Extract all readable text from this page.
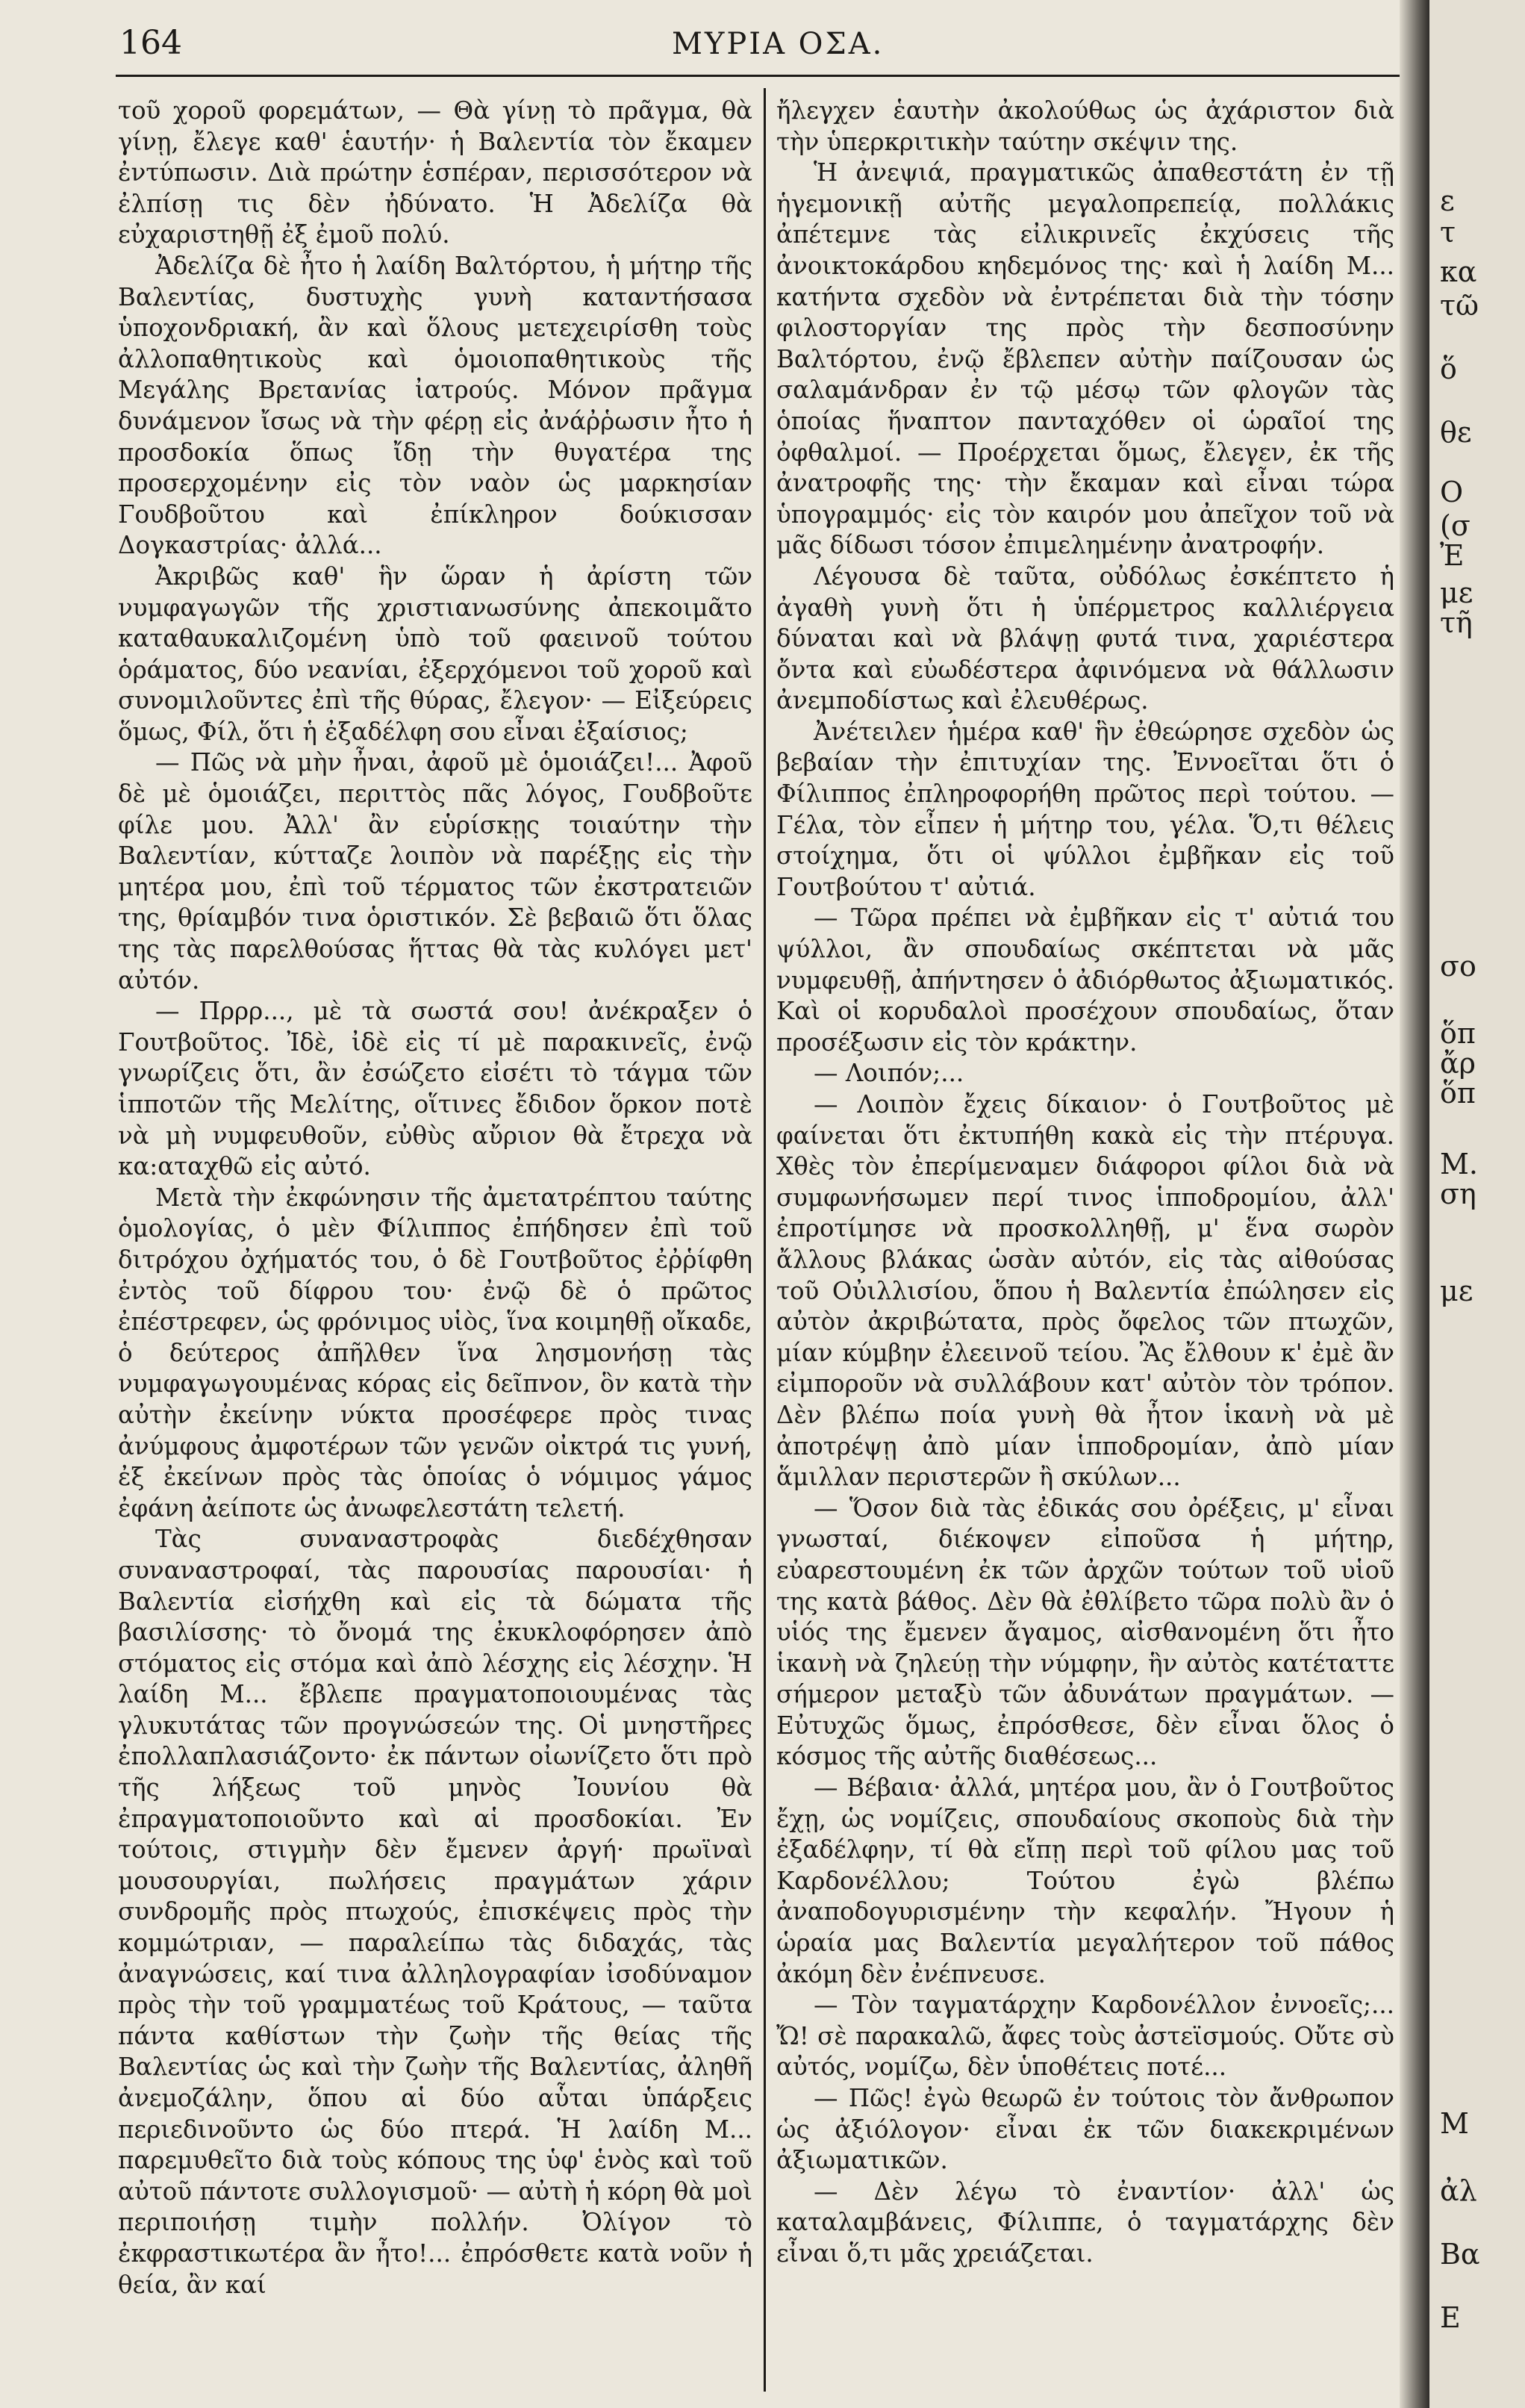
164	ΜΥΡΙΑ ΟΣΑ.

τοῦ χοροῦ φορεμάτων, — Θὰ γίνῃ τὸ πρᾶγμα, θὰ γίνῃ, ἔλεγε καθ' ἑαυτήν· ἡ Βαλεντία τὸν ἔκαμεν ἐντύπωσιν. Διὰ πρώτην ἑσπέραν, περισσότερον νὰ ἐλπίσῃ τις δὲν ἠδύνατο. Ἡ Ἀδελίζα θὰ εὐχαριστηθῇ ἐξ ἐμοῦ πολύ.

Ἀδελίζα δὲ ἦτο ἡ λαίδη Βαλτόρτου, ἡ μήτηρ τῆς Βαλεντίας, δυστυχὴς γυνὴ καταντήσασα ὑποχονδριακή, ἂν καὶ ὅλους μετεχειρίσθη τοὺς ἀλλοπαθητικοὺς καὶ ὁμοιοπαθητικοὺς τῆς Μεγάλης Βρετανίας ἰατρούς. Μόνον πρᾶγμα δυνάμενον ἴσως νὰ τὴν φέρῃ εἰς ἀνάῤῥωσιν ἦτο ἡ προσδοκία ὅπως ἴδῃ τὴν θυγατέρα της προσερχομένην εἰς τὸν ναὸν ὡς μαρκησίαν Γουδβοῦτου καὶ ἐπίκληρον δούκισσαν Δογκαστρίας· ἀλλά...

Ἀκριβῶς καθ' ἣν ὥραν ἡ ἀρίστη τῶν νυμφαγωγῶν τῆς χριστιανωσύνης ἀπεκοιμᾶτο καταθαυκαλιζομένη ὑπὸ τοῦ φαεινοῦ τούτου ὁράματος, δύο νεανίαι, ἐξερχόμενοι τοῦ χοροῦ καὶ συνομιλοῦντες ἐπὶ τῆς θύρας, ἔλεγον· — Εἰξεύρεις ὅμως, Φίλ, ὅτι ἡ ἐξαδέλφη σου εἶναι ἐξαίσιος;

— Πῶς νὰ μὴν ἦναι, ἀφοῦ μὲ ὁμοιάζει!... Ἀφοῦ δὲ μὲ ὁμοιάζει, περιττὸς πᾶς λόγος, Γουδβοῦτε φίλε μου. Ἀλλ' ἂν εὑρίσκῃς τοιαύτην τὴν Βαλεντίαν, κύτταζε λοιπὸν νὰ παρέξῃς εἰς τὴν μητέρα μου, ἐπὶ τοῦ τέρματος τῶν ἐκστρατειῶν της, θρίαμβόν τινα ὁριστικόν. Σὲ βεβαιῶ ὅτι ὅλας της τὰς παρελθούσας ἥττας θὰ τὰς κυλόγει μετ' αὐτόν.

— Πρρρ..., μὲ τὰ σωστά σου! ἀνέκραξεν ὁ Γουτβοῦτος. Ἰδὲ, ἰδὲ εἰς τί μὲ παρακινεῖς, ἐνῷ γνωρίζεις ὅτι, ἂν ἐσώζετο εἰσέτι τὸ τάγμα τῶν ἱπποτῶν τῆς Μελίτης, οἵτινες ἔδιδον ὅρκον ποτὲ νὰ μὴ νυμφευθοῦν, εὐθὺς αὔριον θὰ ἔτρεχα νὰ κα:αταχθῶ εἰς αὐτό.

Μετὰ τὴν ἐκφώνησιν τῆς ἀμετατρέπτου ταύτης ὁμολογίας, ὁ μὲν Φίλιππος ἐπήδησεν ἐπὶ τοῦ διτρόχου ὀχήματός του, ὁ δὲ Γουτβοῦτος ἐῤῥίφθη ἐντὸς τοῦ δίφρου του· ἐνῷ δὲ ὁ πρῶτος ἐπέστρεφεν, ὡς φρόνιμος υἱὸς, ἵνα κοιμηθῇ οἴκαδε, ὁ δεύτερος ἀπῆλθεν ἵνα λησμονήσῃ τὰς νυμφαγωγουμένας κόρας εἰς δεῖπνον, ὃν κατὰ τὴν αὐτὴν ἐκείνην νύκτα προσέφερε πρὸς τινας ἀνύμφους ἀμφοτέρων τῶν γενῶν οἰκτρά τις γυνή, ἐξ ἐκείνων πρὸς τὰς ὁποίας ὁ νόμιμος γάμος ἐφάνη ἀείποτε ὡς ἀνωφελεστάτη τελετή.

Τὰς συναναστροφὰς διεδέχθησαν συναναστροφαί, τὰς παρουσίας παρουσίαι· ἡ Βαλεντία εἰσήχθη καὶ εἰς τὰ δώματα τῆς βασιλίσσης· τὸ ὄνομά της ἐκυκλοφόρησεν ἀπὸ στόματος εἰς στόμα καὶ ἀπὸ λέσχης εἰς λέσχην. Ἡ λαίδη Μ... ἔβλεπε πραγματοποιουμένας τὰς γλυκυτάτας τῶν προγνώσεών της. Οἱ μνηστῆρες ἐπολλαπλασιάζοντο· ἐκ πάντων οἰωνίζετο ὅτι πρὸ τῆς λήξεως τοῦ μηνὸς Ἰουνίου θὰ ἐπραγματοποιοῦντο καὶ αἱ προσδοκίαι. Ἐν τούτοις, στιγμὴν δὲν ἔμενεν ἀργή· πρωϊναὶ μουσουργίαι, πωλήσεις πραγμάτων χάριν συνδρομῆς πρὸς πτωχούς, ἐπισκέψεις πρὸς τὴν κομμώτριαν, — παραλείπω τὰς διδαχάς, τὰς ἀναγνώσεις, καί τινα ἀλληλογραφίαν ἰσοδύναμον πρὸς τὴν τοῦ γραμματέως τοῦ Κράτους, — ταῦτα πάντα καθίστων τὴν ζωὴν τῆς θείας τῆς Βαλεντίας ὡς καὶ τὴν ζωὴν τῆς Βαλεντίας, ἀληθῆ ἀνεμοζάλην, ὅπου αἱ δύο αὗται ὑπάρξεις περιεδινοῦντο ὡς δύο πτερά. Ἡ λαίδη Μ... παρεμυθεῖτο διὰ τοὺς κόπους της ὑφ' ἑνὸς καὶ τοῦ αὐτοῦ πάντοτε συλλογισμοῦ· — αὐτὴ ἡ κόρη θὰ μοὶ περιποιήσῃ τιμὴν πολλήν. Ὀλίγον τὸ ἐκφραστικωτέρα ἂν ἦτο!... ἐπρόσθετε κατὰ νοῦν ἡ θεία, ἂν καί

ἤλεγχεν ἑαυτὴν ἀκολούθως ὡς ἀχάριστον διὰ τὴν ὑπερκριτικὴν ταύτην σκέψιν της.

Ἡ ἀνεψιά, πραγματικῶς ἀπαθεστάτη ἐν τῇ ἡγεμονικῇ αὐτῆς μεγαλοπρεπείᾳ, πολλάκις ἀπέτεμνε τὰς εἰλικρινεῖς ἐκχύσεις τῆς ἀνοικτοκάρδου κηδεμόνος της· καὶ ἡ λαίδη Μ... κατήντα σχεδὸν νὰ ἐντρέπεται διὰ τὴν τόσην φιλοστοργίαν της πρὸς τὴν δεσποσύνην Βαλτόρτου, ἐνῷ ἔβλεπεν αὐτὴν παίζουσαν ὡς σαλαμάνδραν ἐν τῷ μέσῳ τῶν φλογῶν τὰς ὁποίας ἥναπτον πανταχόθεν οἱ ὡραῖοί της ὀφθαλμοί. — Προέρχεται ὅμως, ἔλεγεν, ἐκ τῆς ἀνατροφῆς της· τὴν ἔκαμαν καὶ εἶναι τώρα ὑπογραμμός· εἰς τὸν καιρόν μου ἀπεῖχον τοῦ νὰ μᾶς δίδωσι τόσον ἐπιμελημένην ἀνατροφήν.

Λέγουσα δὲ ταῦτα, οὐδόλως ἐσκέπτετο ἡ ἀγαθὴ γυνὴ ὅτι ἡ ὑπέρμετρος καλλιέργεια δύναται καὶ νὰ βλάψῃ φυτά τινα, χαριέστερα ὄντα καὶ εὐωδέστερα ἀφινόμενα νὰ θάλλωσιν ἀνεμποδίστως καὶ ἐλευθέρως.

Ἀνέτειλεν ἡμέρα καθ' ἣν ἐθεώρησε σχεδὸν ὡς βεβαίαν τὴν ἐπιτυχίαν της. Ἐννοεῖται ὅτι ὁ Φίλιππος ἐπληροφορήθη πρῶτος περὶ τούτου. — Γέλα, τὸν εἶπεν ἡ μήτηρ του, γέλα. Ὅ,τι θέλεις στοίχημα, ὅτι οἱ ψύλλοι ἐμβῆκαν εἰς τοῦ Γουτβούτου τ' αὐτιά.

— Τῶρα πρέπει νὰ ἐμβῆκαν εἰς τ' αὐτιά του ψύλλοι, ἂν σπουδαίως σκέπτεται νὰ μᾶς νυμφευθῇ, ἀπήντησεν ὁ ἀδιόρθωτος ἀξιωματικός. Καὶ οἱ κορυδαλοὶ προσέχουν σπουδαίως, ὅταν προσέξωσιν εἰς τὸν κράκτην.

— Λοιπόν;...

— Λοιπὸν ἔχεις δίκαιον· ὁ Γουτβοῦτος μὲ φαίνεται ὅτι ἐκτυπήθη κακὰ εἰς τὴν πτέρυγα. Χθὲς τὸν ἐπερίμεναμεν διάφοροι φίλοι διὰ νὰ συμφωνήσωμεν περί τινος ἱπποδρομίου, ἀλλ' ἐπροτίμησε νὰ προσκολληθῇ, μ' ἕνα σωρὸν ἄλλους βλάκας ὡσὰν αὐτόν, εἰς τὰς αἰθούσας τοῦ Οὐιλλισίου, ὅπου ἡ Βαλεντία ἐπώλησεν εἰς αὐτὸν ἀκριβώτατα, πρὸς ὄφελος τῶν πτωχῶν, μίαν κύμβην ἐλεεινοῦ τείου. Ἂς ἔλθουν κ' ἐμὲ ἂν εἰμποροῦν νὰ συλλάβουν κατ' αὐτὸν τὸν τρόπον. Δὲν βλέπω ποία γυνὴ θὰ ἦτον ἱκανὴ νὰ μὲ ἀποτρέψῃ ἀπὸ μίαν ἱπποδρομίαν, ἀπὸ μίαν ἅμιλλαν περιστερῶν ἢ σκύλων...

— Ὅσον διὰ τὰς ἐδικάς σου ὀρέξεις, μ' εἶναι γνωσταί, διέκοψεν εἰποῦσα ἡ μήτηρ, εὐαρεστουμένη ἐκ τῶν ἀρχῶν τούτων τοῦ υἱοῦ της κατὰ βάθος. Δὲν θὰ ἐθλίβετο τῶρα πολὺ ἂν ὁ υἱός της ἔμενεν ἄγαμος, αἰσθανομένη ὅτι ἦτο ἱκανὴ νὰ ζηλεύῃ τὴν νύμφην, ἣν αὐτὸς κατέταττε σήμερον μεταξὺ τῶν ἀδυνάτων πραγμάτων. — Εὐτυχῶς ὅμως, ἐπρόσθεσε, δὲν εἶναι ὅλος ὁ κόσμος τῆς αὐτῆς διαθέσεως...

— Βέβαια· ἀλλά, μητέρα μου, ἂν ὁ Γουτβοῦτος ἔχῃ, ὡς νομίζεις, σπουδαίους σκοποὺς διὰ τὴν ἐξαδέλφην, τί θὰ εἴπῃ περὶ τοῦ φίλου μας τοῦ Καρδονέλλου; Τούτου ἐγὼ βλέπω ἀναποδογυρισμένην τὴν κεφαλήν. Ἤγουν ἡ ὡραία μας Βαλεντία μεγαλήτερον τοῦ πάθος ἀκόμη δὲν ἐνέπνευσε.

— Τὸν ταγματάρχην Καρδονέλλον ἐννοεῖς;... Ὤ! σὲ παρακαλῶ, ἄφες τοὺς ἀστεϊσμούς. Οὔτε σὺ αὐτός, νομίζω, δὲν ὑποθέτεις ποτέ...

— Πῶς! ἐγὼ θεωρῶ ἐν τούτοις τὸν ἄνθρωπον ὡς ἀξιόλογον· εἶναι ἐκ τῶν διακεκριμένων ἀξιωματικῶν.

— Δὲν λέγω τὸ ἐναντίον· ἀλλ' ὡς καταλαμβάνεις, Φίλιππε, ὁ ταγματάρχης δὲν εἶναι ὅ,τι μᾶς χρειάζεται.

ε
τ
κα
τῶ
ὅ
θε
Ο
(σ
Ἐ
με
τῆ
σο
ὅπ
ἄρ
ὅπ
Μ.
ση
με
Μ
ἀλ
Βα
Ε
